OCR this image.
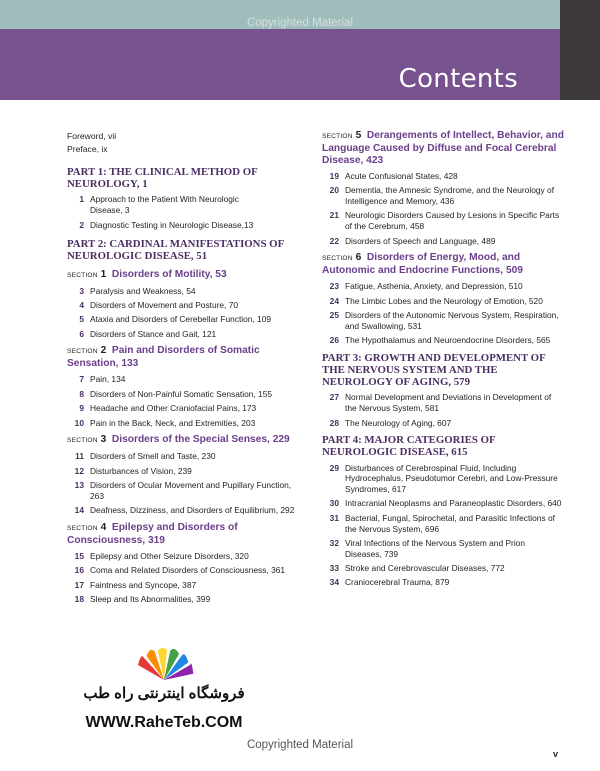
Copyrighted Material
Contents
Foreword, vii
Preface, ix
PART 1: THE CLINICAL METHOD OF NEUROLOGY, 1
1 Approach to the Patient With Neurologic Disease, 3
2 Diagnostic Testing in Neurologic Disease,13
PART 2: CARDINAL MANIFESTATIONS OF NEUROLOGIC DISEASE, 51
SECTION 1 Disorders of Motility, 53
3 Paralysis and Weakness, 54
4 Disorders of Movement and Posture, 70
5 Ataxia and Disorders of Cerebellar Function, 109
6 Disorders of Stance and Gait, 121
SECTION 2 Pain and Disorders of Somatic Sensation, 133
7 Pain, 134
8 Disorders of Non-Painful Somatic Sensation, 155
9 Headache and Other Craniofacial Pains, 173
10 Pain in the Back, Neck, and Extremities, 203
SECTION 3 Disorders of the Special Senses, 229
11 Disorders of Smell and Taste, 230
12 Disturbances of Vision, 239
13 Disorders of Ocular Movement and Pupillary Function, 263
14 Deafness, Dizziness, and Disorders of Equilibrium, 292
SECTION 4 Epilepsy and Disorders of Consciousness, 319
15 Epilepsy and Other Seizure Disorders, 320
16 Coma and Related Disorders of Consciousness, 361
17 Faintness and Syncope, 387
18 Sleep and Its Abnormalities, 399
SECTION 5 Derangements of Intellect, Behavior, and Language Caused by Diffuse and Focal Cerebral Disease, 423
19 Acute Confusional States, 428
20 Dementia, the Amnesic Syndrome, and the Neurology of Intelligence and Memory, 436
21 Neurologic Disorders Caused by Lesions in Specific Parts of the Cerebrum, 458
22 Disorders of Speech and Language, 489
SECTION 6 Disorders of Energy, Mood, and Autonomic and Endocrine Functions, 509
23 Fatigue, Asthenia, Anxiety, and Depression, 510
24 The Limbic Lobes and the Neurology of Emotion, 520
25 Disorders of the Autonomic Nervous System, Respiration, and Swallowing, 531
26 The Hypothalamus and Neuroendocrine Disorders, 565
PART 3: GROWTH AND DEVELOPMENT OF THE NERVOUS SYSTEM AND THE NEUROLOGY OF AGING, 579
27 Normal Development and Deviations in Development of the Nervous System, 581
28 The Neurology of Aging, 607
PART 4: MAJOR CATEGORIES OF NEUROLOGIC DISEASE, 615
29 Disturbances of Cerebrospinal Fluid, Including Hydrocephalus, Pseudotumor Cerebri, and Low-Pressure Syndromes, 617
30 Intracranial Neoplasms and Paraneoplastic Disorders, 640
31 Bacterial, Fungal, Spirochetal, and Parasitic Infections of the Nervous System, 696
32 Viral Infections of the Nervous System and Prion Diseases, 739
33 Stroke and Cerebrovascular Diseases, 772
34 Craniocerebral Trauma, 879
فروشگاه اینترنتی راه طب
WWW.RaheTeb.COM
Copyrighted Material
v
